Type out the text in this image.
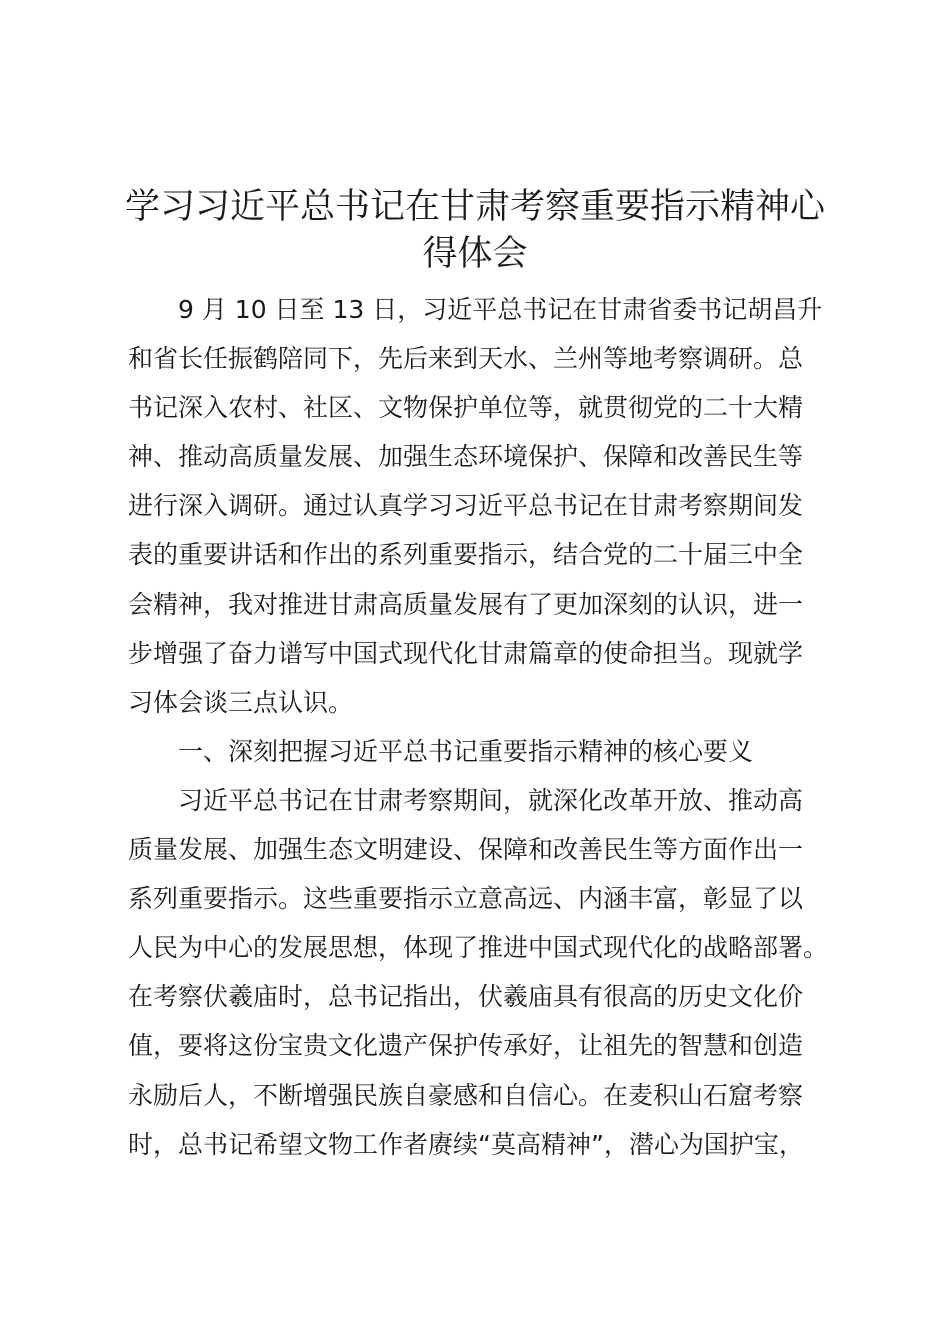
学习习近平总书记在甘肃考察重要指示精神心
得体会
9 月 10 日至 13 日，习近平总书记在甘肃省委书记胡昌升
和省长任振鹤陪同下，先后来到天水、兰州等地考察调研。总
书记深入农村、社区、文物保护单位等，就贯彻党的二十大精
神、推动高质量发展、加强生态环境保护、保障和改善民生等
进行深入调研。通过认真学习习近平总书记在甘肃考察期间发
表的重要讲话和作出的系列重要指示，结合党的二十届三中全
会精神，我对推进甘肃高质量发展有了更加深刻的认识，进一
步增强了奋力谱写中国式现代化甘肃篇章的使命担当。现就学
习体会谈三点认识。
一、深刻把握习近平总书记重要指示精神的核心要义
习近平总书记在甘肃考察期间，就深化改革开放、推动高
质量发展、加强生态文明建设、保障和改善民生等方面作出一
系列重要指示。这些重要指示立意高远、内涵丰富，彰显了以
人民为中心的发展思想，体现了推进中国式现代化的战略部署。
在考察伏羲庙时，总书记指出，伏羲庙具有很高的历史文化价
值，要将这份宝贵文化遗产保护传承好，让祖先的智慧和创造
永励后人，不断增强民族自豪感和自信心。在麦积山石窟考察
时，总书记希望文物工作者赓续“莫高精神”，潜心为国护宝，
